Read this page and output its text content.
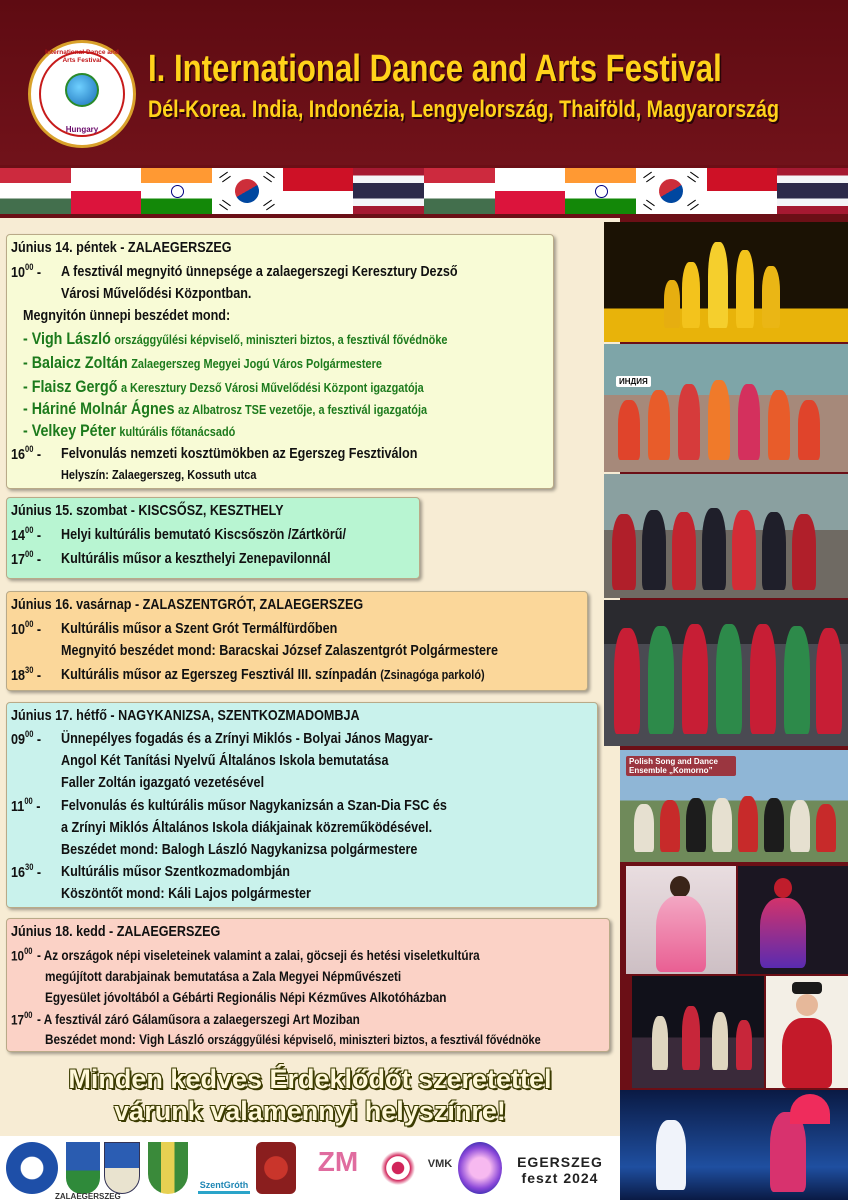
International Dance and Arts Festival
Hungary
I. International Dance and Arts Festival
Dél-Korea. India, Indonézia, Lengyelország, Thaiföld, Magyarország
Június 14. péntek - ZALAEGERSZEG
$10^{00}$ - A fesztivál megnyitó ünnepsége a zalaegerszegi Keresztury Dezső
Városi Művelődési Központban.
Megnyitón ünnepi beszédet mond:
- Vigh László országgyűlési képviselő, miniszteri biztos, a fesztivál fővédnöke
- Balaicz Zoltán Zalaegerszeg Megyei Jogú Város Polgármestere
- Flaisz Gergő a Keresztury Dezső Városi Művelődési Központ igazgatója
- Háriné Molnár Ágnes az Albatrosz TSE vezetője, a fesztivál igazgatója
- Velkey Péter kultúrális főtanácsadó
$16^{00}$ - Felvonulás nemzeti kosztümökben az Egerszeg Fesztiválon
Helyszín: Zalaegerszeg, Kossuth utca
Június 15. szombat - KISCSŐSZ, KESZTHELY
$14^{00}$ - Helyi kultúrális bemutató Kiscsőszön /Zártkörű/
$17^{00}$ - Kultúrális műsor a keszthelyi Zenepavilonnál
Június 16. vasárnap - ZALASZENTGRÓT, ZALAEGERSZEG
$10^{00}$ - Kultúrális műsor a Szent Grót Termálfürdőben
Megnyitó beszédet mond: Baracskai József Zalaszentgrót Polgármestere
$18^{30}$ - Kultúrális műsor az Egerszeg Fesztivál III. színpadán (Zsinagóga parkoló)
Június 17. hétfő - NAGYKANIZSA, SZENTKOZMADOMBJA
$09^{00}$ - Ünnepélyes fogadás és a Zrínyi Miklós - Bolyai János Magyar-
Angol Két Tanítási Nyelvű Általános Iskola bemutatása
Faller Zoltán igazgató vezetésével
$11^{00}$ - Felvonulás és kultúrális műsor Nagykanizsán a Szan-Dia FSC és
a Zrínyi Miklós Általános Iskola diákjainak közreműködésével.
Beszédet mond: Balogh László Nagykanizsa polgármestere
$16^{30}$ - Kultúrális műsor Szentkozmadombján
Köszöntőt mond: Káli Lajos polgármester
Június 18. kedd - ZALAEGERSZEG
$10^{00}$ - Az országok népi viseleteinek valamint a zalai, göcseji és hetési viseletkultúra
megújított darabjainak bemutatása a Zala Megyei Népművészeti
Egyesület jóvoltából a Gébárti Regionális Népi Kézműves Alkotóházban
$17^{00}$ - A fesztivál záró Gálaműsora a zalaegerszegi Art Moziban
Beszédet mond: Vigh László országgyűlési képviselő, miniszteri biztos, a fesztivál fővédnöke
Minden kedves Érdeklődőt szeretettel
várunk valamennyi helyszínre!
ZALAEGERSZEG
SzentGróth
ZM	VMK	EGERSZEG feszt 2024
ИНДИЯ
Polish Song and Dance Ensemble „Komorno”
